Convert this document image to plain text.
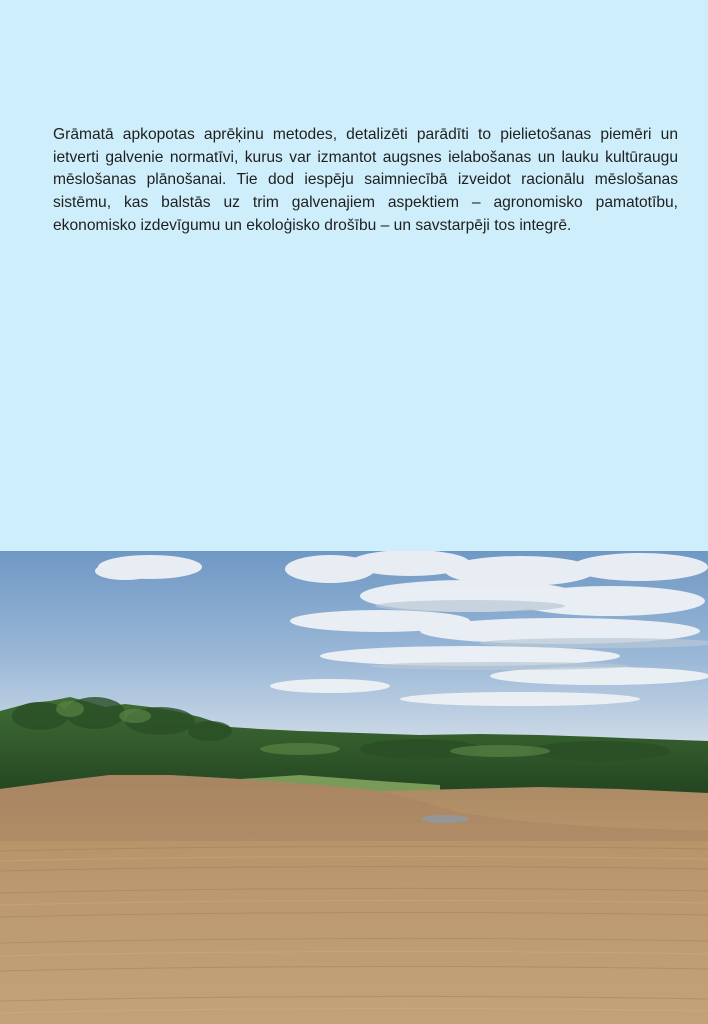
Grāmatā apkopotas aprēķinu metodes, detalizēti parādīti to pielietošanas piemēri un ietverti galvenie normatīvi, kurus var izmantot augsnes ielabošanas un lauku kultūraugu mēslošanas plānošanai. Tie dod iespēju saimniecībā izveidot racionālu mēslošanas sistēmu, kas balstās uz trim galvenajiem aspektiem – agronomisko pamatotību, ekonomisko izdevīgumu un ekoloģisko drošību – un savstarpēji tos integrē.
